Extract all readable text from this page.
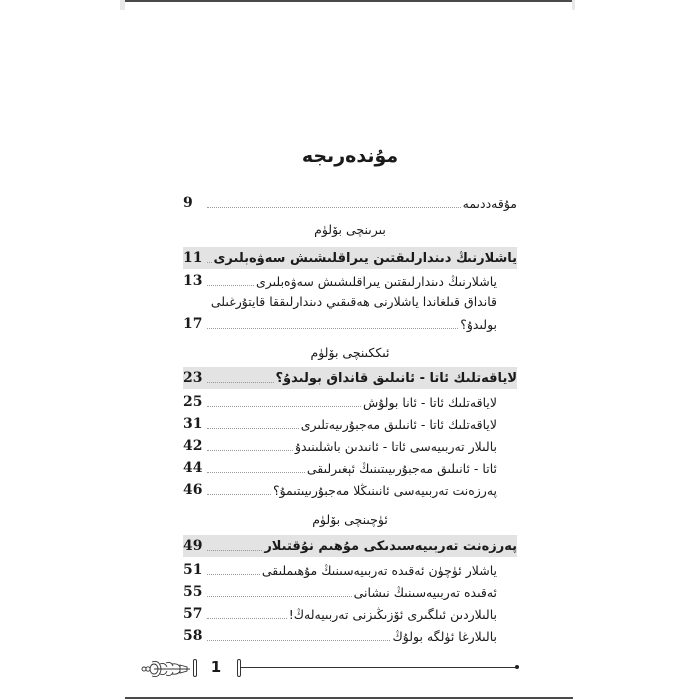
مۇندەرىجە
مۇقەددىمە
9
بىرىنچى بۆلۈم
ياشلارنىڭ دىندارلىقتىن يىراقلىشىش سەۋەبلىرى
11
ياشلارنىڭ دىندارلىقتىن يىراقلىشىش سەۋەبلىرى
13
قانداق قىلغاندا ياشلارنى ھەقىقىي دىندارلىققا قايتۇرغىلى
بولىدۇ؟
17
ئىككىنچى بۆلۈم
لاياقەتلىك ئاتا - ئانىلىق قانداق بولىدۇ؟
23
لاياقەتلىك ئاتا - ئانا بولۇش
25
لاياقەتلىك ئاتا - ئانىلىق مەجبۇرىيەتلىرى
31
بالىلار تەربىيەسى ئاتا - ئانىدىن باشلىنىدۇ
42
ئاتا - ئانىلىق مەجبۇرىيىتىنىڭ ئېغىرلىقى
44
پەرزەنت تەربىيەسى ئانىنىڭلا مەجبۇرىيىتىمۇ؟
46
ئۈچىنچى بۆلۈم
پەرزەنت تەربىيەسىدىكى مۇھىم نۇقتىلار
49
ياشلار ئۈچۈن ئەقىدە تەربىيەسىنىڭ مۇھىملىقى
51
ئەقىدە تەربىيەسىنىڭ نىشانى
55
بالىلاردىن ئىلگىرى ئۆزىڭىزنى تەربىيەلەڭ!
57
بالىلارغا ئۈلگە بولۇڭ
58
1
